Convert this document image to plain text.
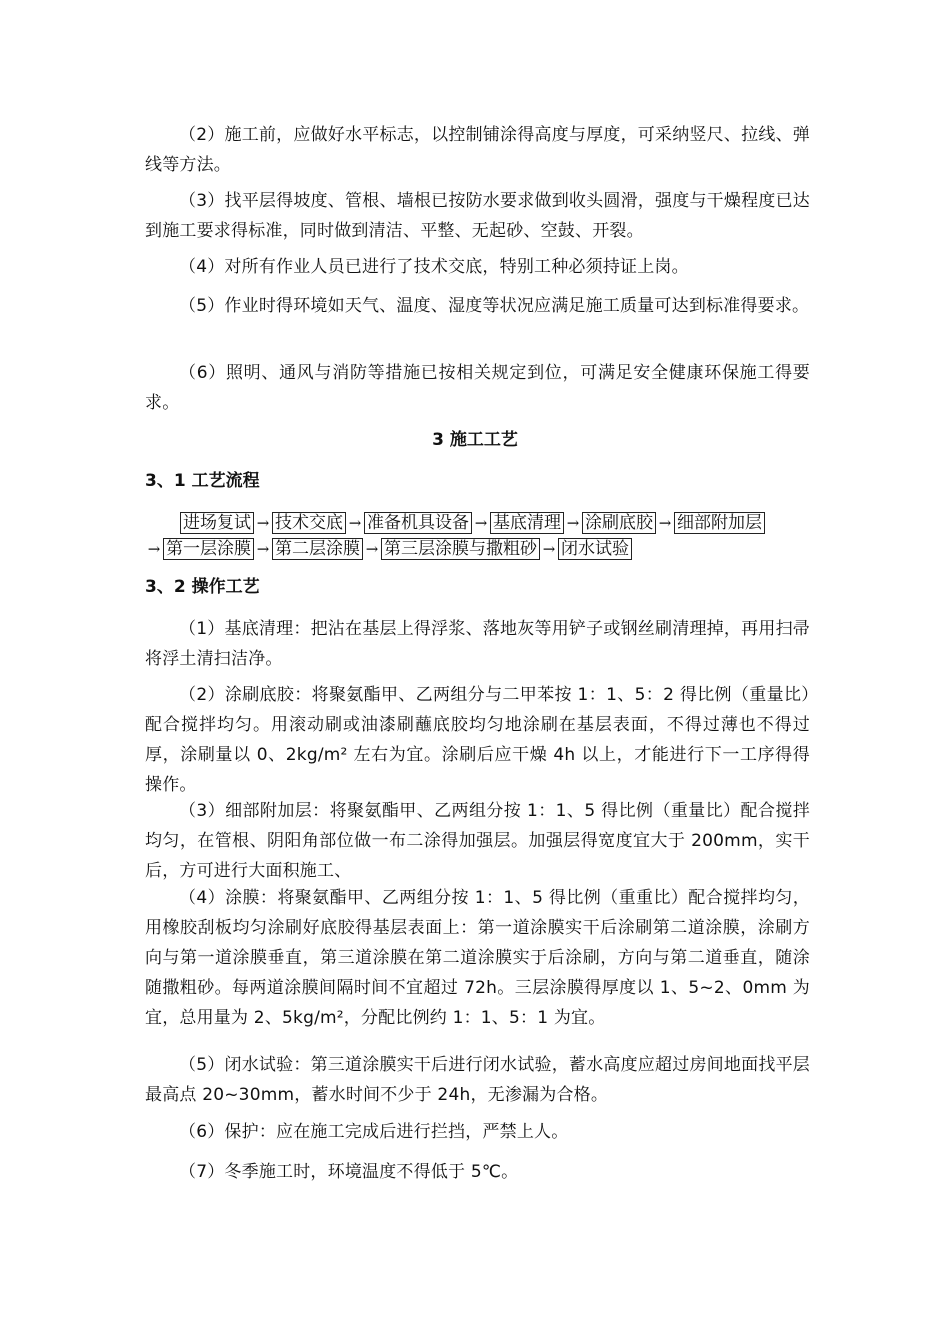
（2）施工前，应做好水平标志，以控制铺涂得高度与厚度，可采纳竖尺、拉线、弹线等方法。

（3）找平层得坡度、管根、墙根已按防水要求做到收头圆滑，强度与干燥程度已达到施工要求得标准，同时做到清洁、平整、无起砂、空鼓、开裂。

（4）对所有作业人员已进行了技术交底，特别工种必须持证上岗。

（5）作业时得环境如天气、温度、湿度等状况应满足施工质量可达到标准得要求。

（6）照明、通风与消防等措施已按相关规定到位，可满足安全健康环保施工得要求。

3 施工工艺
3、1 工艺流程
进场复试 → 技术交底 → 准备机具设备 → 基底清理 → 涂刷底胶 → 细部附加层
→ 第一层涂膜 → 第二层涂膜 → 第三层涂膜与撒粗砂 → 闭水试验
3、2 操作工艺

（1）基底清理：把沾在基层上得浮浆、落地灰等用铲子或钢丝刷清理掉，再用扫帚将浮土清扫洁净。

（2）涂刷底胶：将聚氨酯甲、乙两组分与二甲苯按 1：1、5：2 得比例（重量比）配合搅拌均匀。用滚动刷或油漆刷蘸底胶均匀地涂刷在基层表面，不得过薄也不得过厚，涂刷量以 0、2kg/m² 左右为宜。涂刷后应干燥 4h 以上，才能进行下一工序得得操作。

（3）细部附加层：将聚氨酯甲、乙两组分按 1：1、5 得比例（重量比）配合搅拌均匀，在管根、阴阳角部位做一布二涂得加强层。加强层得宽度宜大于 200mm，实干后，方可进行大面积施工、

（4）涂膜：将聚氨酯甲、乙两组分按 1：1、5 得比例（重重比）配合搅拌均匀，用橡胶刮板均匀涂刷好底胶得基层表面上：第一道涂膜实干后涂刷第二道涂膜，涂刷方向与第一道涂膜垂直，第三道涂膜在第二道涂膜实于后涂刷，方向与第二道垂直，随涂随撒粗砂。每两道涂膜间隔时间不宜超过 72h。三层涂膜得厚度以 1、5~2、0mm 为宜，总用量为 2、5kg/m²，分配比例约 1：1、5：1 为宜。

（5）闭水试验：第三道涂膜实干后进行闭水试验，蓄水高度应超过房间地面找平层最高点 20~30mm，蓄水时间不少于 24h，无渗漏为合格。

（6）保护：应在施工完成后进行拦挡，严禁上人。

（7）冬季施工时，环境温度不得低于 5℃。
